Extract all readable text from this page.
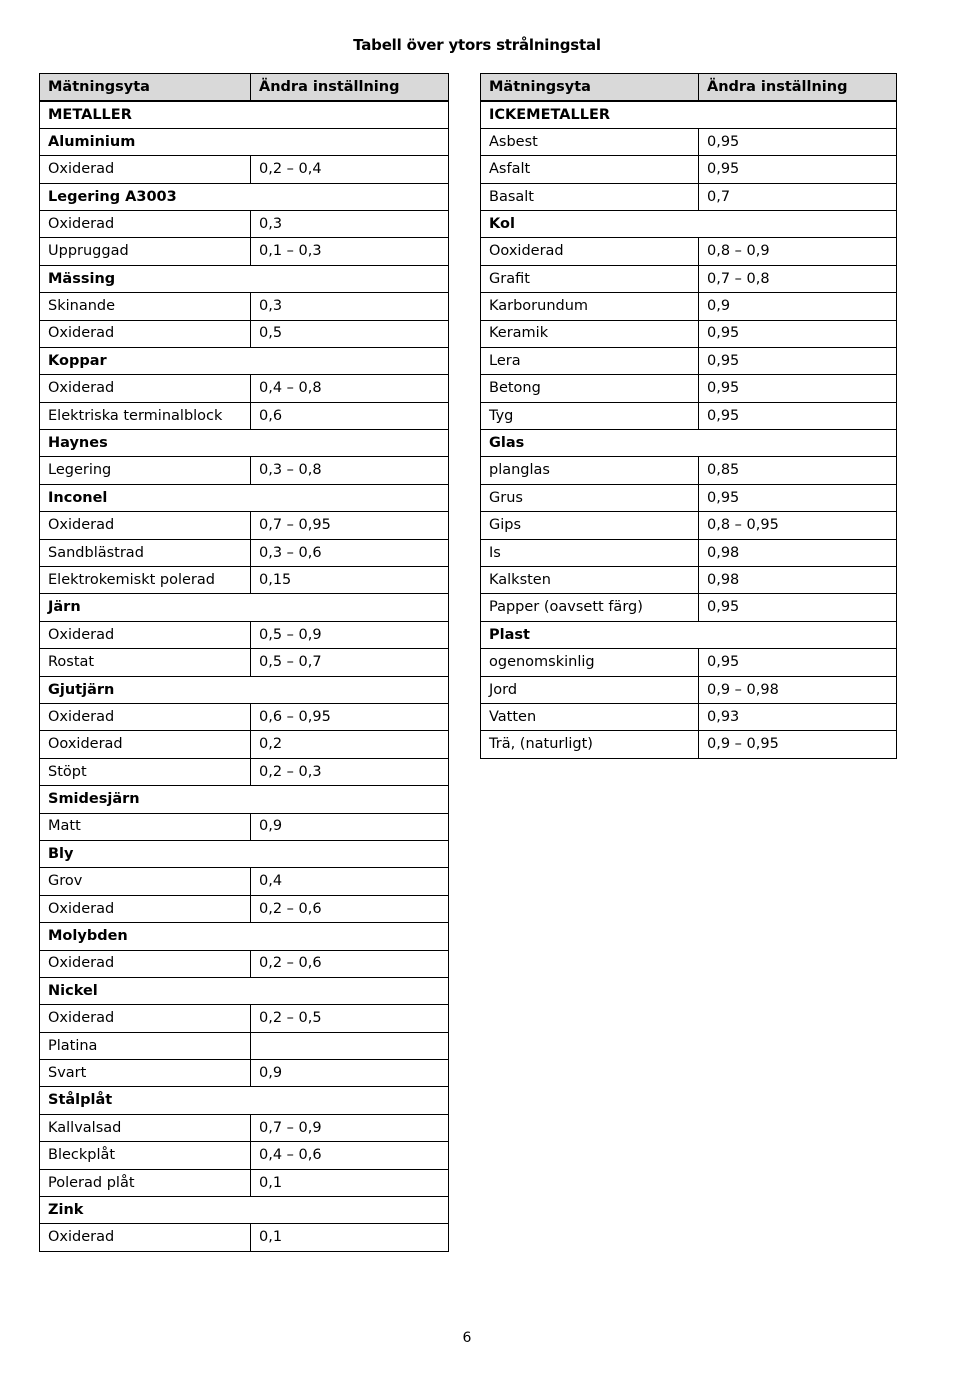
Tabell över ytors strålningstal
Mätningsyta	Ändra inställning
METALLER	
Aluminium	
Oxiderad	0,2 – 0,4
Legering A3003	
Oxiderad	0,3
Uppruggad	0,1 – 0,3
Mässing	
Skinande	0,3
Oxiderad	0,5
Koppar	
Oxiderad	0,4 – 0,8
Elektriska terminalblock	0,6
Haynes	
Legering	0,3 – 0,8
Inconel	
Oxiderad	0,7 – 0,95
Sandblästrad	0,3 – 0,6
Elektrokemiskt polerad	0,15
Järn	
Oxiderad	0,5 – 0,9
Rostat	0,5 – 0,7
Gjutjärn	
Oxiderad	0,6 – 0,95
Ooxiderad	0,2
Stöpt	0,2 – 0,3
Smidesjärn	
Matt	0,9
Bly	
Grov	0,4
Oxiderad	0,2 – 0,6
Molybden	
Oxiderad	0,2 – 0,6
Nickel	
Oxiderad	0,2 – 0,5
Platina	
Svart	0,9
Stålplåt	
Kallvalsad	0,7 – 0,9
Bleckplåt	0,4 – 0,6
Polerad plåt	0,1
Zink	
Oxiderad	0,1
Mätningsyta	Ändra inställning
ICKEMETALLER	
Asbest	0,95
Asfalt	0,95
Basalt	0,7
Kol	
Ooxiderad	0,8 – 0,9
Grafit	0,7 – 0,8
Karborundum	0,9
Keramik	0,95
Lera	0,95
Betong	0,95
Tyg	0,95
Glas	
planglas	0,85
Grus	0,95
Gips	0,8 – 0,95
Is	0,98
Kalksten	0,98
Papper (oavsett färg)	0,95
Plast	
ogenomskinlig	0,95
Jord	0,9 – 0,98
Vatten	0,93
Trä, (naturligt)	0,9 – 0,95
6
